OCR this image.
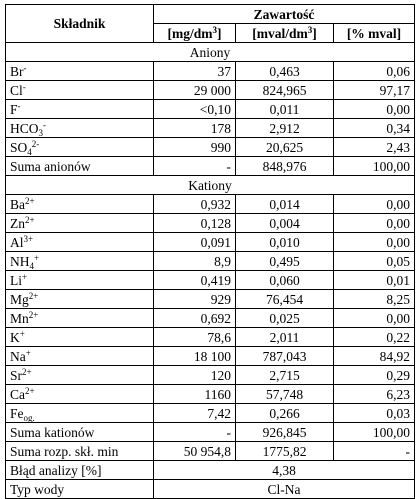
Składnik	Zawartość		
	$[mg/dm^3]$	$[mval/dm^3]$	[% mval]
Aniony			
Br-	37	0,463	0,06
Cl-	29 000	824,965	97,17
F-	<0,10	0,011	0,00
$HCO_3^-$	178	2,912	0,34
$SO_4^{2-}$	990	20,625	2,43
Suma anionów	-	848,976	100,00
Kationy			
$Ba^{2+}$	0,932	0,014	0,00
$Zn^{2+}$	0,128	0,004	0,00
$Al^{3+}$	0,091	0,010	0,00
$NH_4^+$	8,9	0,495	0,05
Li+	0,419	0,060	0,01
$Mg^{2+}$	929	76,454	8,25
$Mn^{2+}$	0,692	0,025	0,00
K+	78,6	2,011	0,22
Na+	18 100	787,043	84,92
$Sr^{2+}$	120	2,715	0,29
$Ca^{2+}$	1160	57,748	6,23
$Fe_{og.}$	7,42	0,266	0,03
Suma kationów	-	926,845	100,00
Suma rozp. skł. min	50 954,8	1775,82	-
Błąd analizy [%]	4,38		
Typ wody	Cl-Na		
